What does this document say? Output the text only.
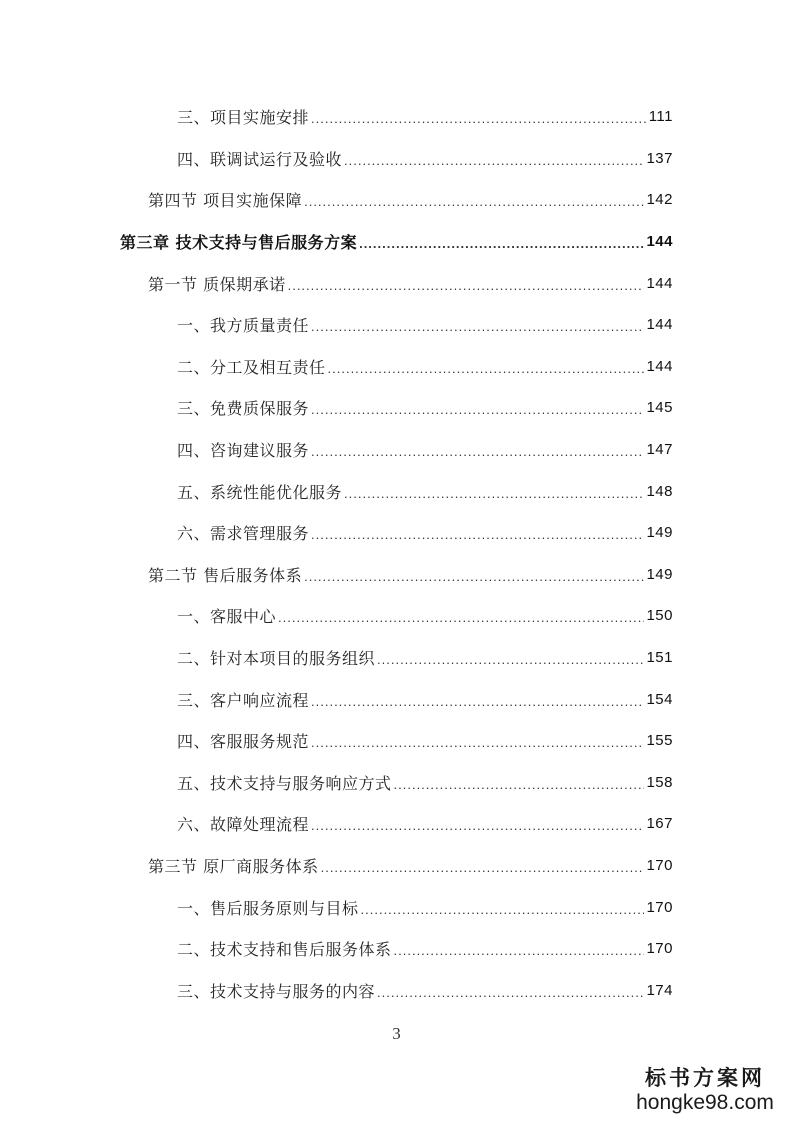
三、项目实施安排 .....	111
四、联调试运行及验收 .....	137
第四节 项目实施保障 .....	142
第三章 技术支持与售后服务方案 .....	144
第一节 质保期承诺 .....	144
一、我方质量责任 .....	144
二、分工及相互责任 .....	144
三、免费质保服务 .....	145
四、咨询建议服务 .....	147
五、系统性能优化服务 .....	148
六、需求管理服务 .....	149
第二节 售后服务体系 .....	149
一、客服中心 .....	150
二、针对本项目的服务组织 .....	151
三、客户响应流程 .....	154
四、客服服务规范 .....	155
五、技术支持与服务响应方式 .....	158
六、故障处理流程 .....	167
第三节 原厂商服务体系 .....	170
一、售后服务原则与目标 .....	170
二、技术支持和售后服务体系 .....	170
三、技术支持与服务的内容 .....	174
3
标书方案网
hongke98.com
